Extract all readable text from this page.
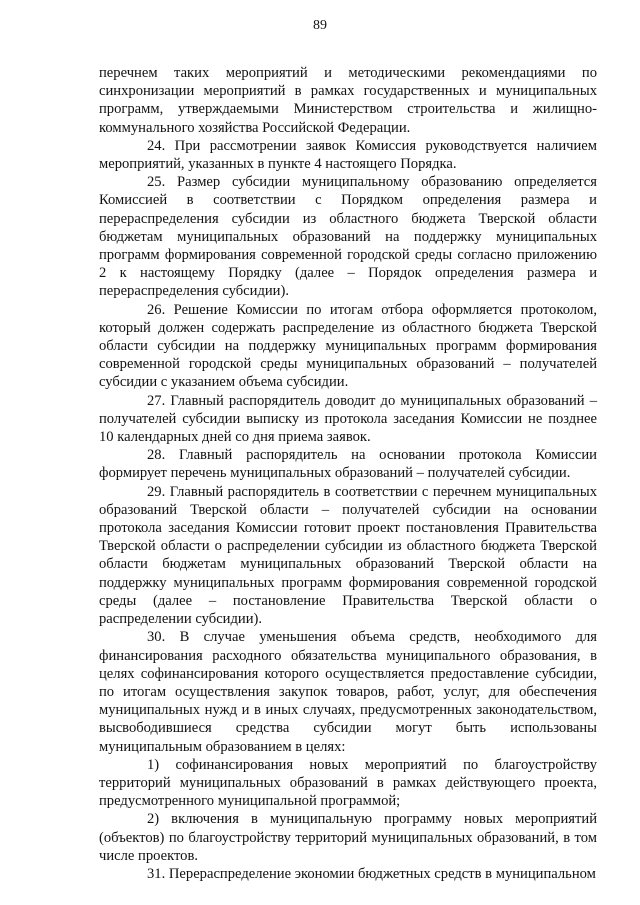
89

перечнем таких мероприятий и методическими рекомендациями по синхронизации мероприятий в рамках государственных и муниципальных программ, утверждаемыми Министерством строительства и жилищно-коммунального хозяйства Российской Федерации.

24. При рассмотрении заявок Комиссия руководствуется наличием мероприятий, указанных в пункте 4 настоящего Порядка.

25. Размер субсидии муниципальному образованию определяется Комиссией в соответствии с Порядком определения размера и перераспределения субсидии из областного бюджета Тверской области бюджетам муниципальных образований на поддержку муниципальных программ формирования современной городской среды согласно приложению 2 к настоящему Порядку (далее – Порядок определения размера и перераспределения субсидии).

26. Решение Комиссии по итогам отбора оформляется протоколом, который должен содержать распределение из областного бюджета Тверской области субсидии на поддержку муниципальных программ формирования современной городской среды муниципальных образований – получателей субсидии с указанием объема субсидии.

27. Главный распорядитель доводит до муниципальных образований – получателей субсидии выписку из протокола заседания Комиссии не позднее 10 календарных дней со дня приема заявок.

28. Главный распорядитель на основании протокола Комиссии формирует перечень муниципальных образований – получателей субсидии.

29. Главный распорядитель в соответствии с перечнем муниципальных образований Тверской области – получателей субсидии на основании протокола заседания Комиссии готовит проект постановления Правительства Тверской области о распределении субсидии из областного бюджета Тверской области бюджетам муниципальных образований Тверской области на поддержку муниципальных программ формирования современной городской среды (далее – постановление Правительства Тверской области о распределении субсидии).

30. В случае уменьшения объема средств, необходимого для финансирования расходного обязательства муниципального образования, в целях софинансирования которого осуществляется предоставление субсидии, по итогам осуществления закупок товаров, работ, услуг, для обеспечения муниципальных нужд и в иных случаях, предусмотренных законодательством, высвободившиеся средства субсидии могут быть использованы муниципальным образованием в целях:

1) софинансирования новых мероприятий по благоустройству территорий муниципальных образований в рамках действующего проекта, предусмотренного муниципальной программой;

2) включения в муниципальную программу новых мероприятий (объектов) по благоустройству территорий муниципальных образований, в том числе проектов.

31. Перераспределение экономии бюджетных средств в муниципальном
